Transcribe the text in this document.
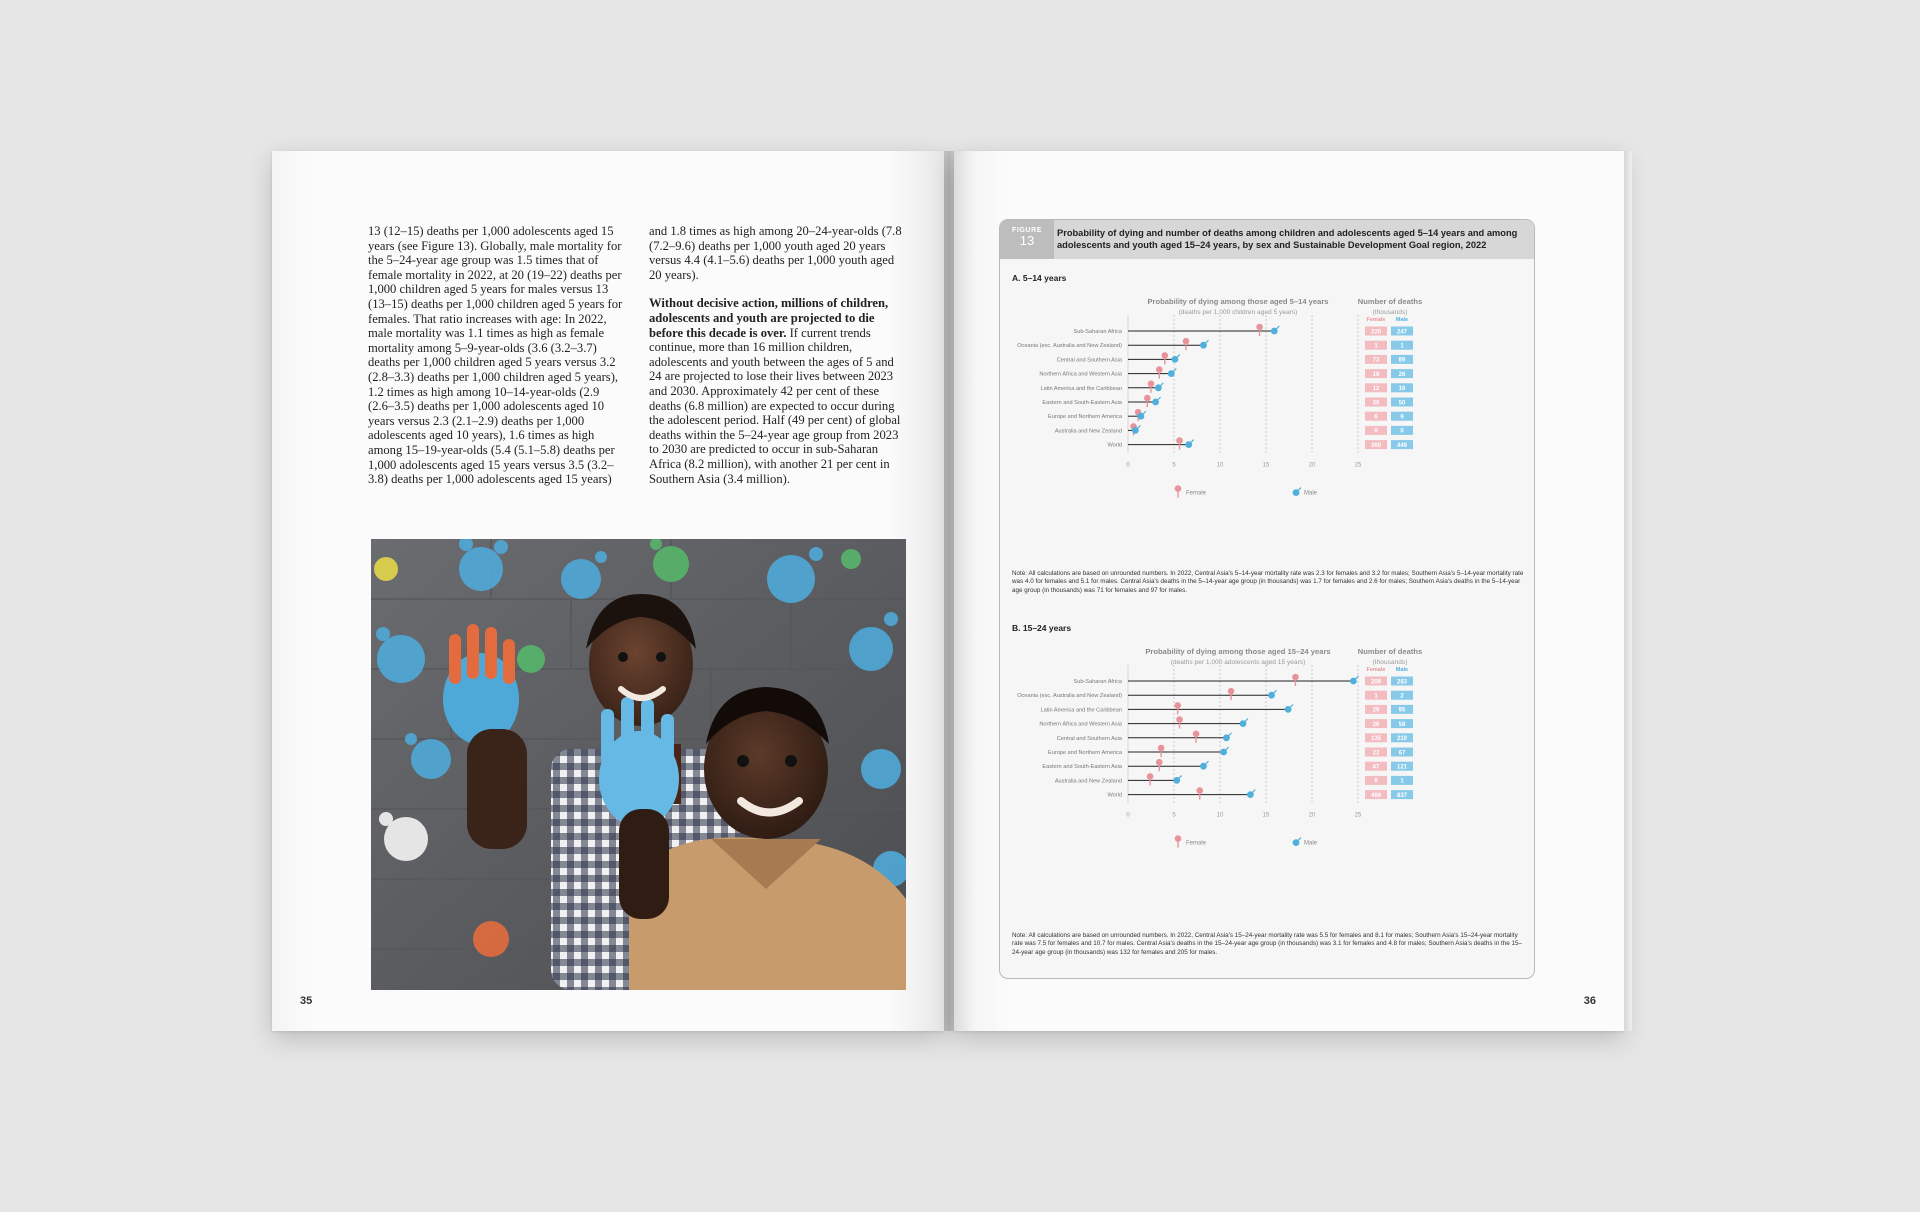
13 (12–15) deaths per 1,000 adolescents aged 15 years (see Figure 13). Globally, male mortality for the 5–24-year age group was 1.5 times that of female mortality in 2022, at 20 (19–22) deaths per 1,000 children aged 5 years for males versus 13 (13–15) deaths per 1,000 children aged 5 years for females. That ratio increases with age: In 2022, male mortality was 1.1 times as high as female mortality among 5–9-year-olds (3.6 (3.2–3.7) deaths per 1,000 children aged 5 years versus 3.2 (2.8–3.3) deaths per 1,000 children aged 5 years), 1.2 times as high among 10–14-year-olds (2.9 (2.6–3.5) deaths per 1,000 adolescents aged 10 years versus 2.3 (2.1–2.9) deaths per 1,000 adolescents aged 10 years), 1.6 times as high among 15–19-year-olds (5.4 (5.1–5.8) deaths per 1,000 adolescents aged 15 years versus 3.5 (3.2–3.8) deaths per 1,000 adolescents aged 15 years)

and 1.8 times as high among 20–24-year-olds (7.8 (7.2–9.6) deaths per 1,000 youth aged 20 years versus 4.4 (4.1–5.6) deaths per 1,000 youth aged 20 years).

Without decisive action, millions of children, adolescents and youth are projected to die before this decade is over. If current trends continue, more than 16 million children, adolescents and youth between the ages of 5 and 24 are projected to lose their lives between 2023 and 2030. Approximately 42 per cent of these deaths (6.8 million) are expected to occur during the adolescent period. Half (49 per cent) of global deaths within the 5–24-year age group from 2023 to 2030 are predicted to occur in sub-Saharan Africa (8.2 million), with another 21 per cent in Southern Asia (3.4 million).

35
FIGURE
13	Probability of dying and number of deaths among children and adolescents aged 5–14 years and among adolescents and youth aged 15–24 years, by sex and Sustainable Development Goal region, 2022
A. 5–14 years
Probability of dying among those aged 5–14 years
(deaths per 1,000 children aged 5 years)
Number of deaths
(thousands)
Female Male
0	5	10	15	20	25
Sub-Saharan Africa	220	247
Oceania (exc. Australia and New Zealand)	1	1
Central and Southern Asia	73	89
Northern Africa and Western Asia	18	26
Latin America and the Caribbean	12	16
Eastern and South-Eastern Asia	30	50
Europe and Northern America	6	9
Australia and New Zealand	0	0
World	360	449
Female	Male
Note: All calculations are based on unrounded numbers. In 2022, Central Asia's 5–14-year mortality rate was 2.3 for females and 3.2 for males; Southern Asia's 5–14-year mortality rate was 4.0 for females and 5.1 for males. Central Asia's deaths in the 5–14-year age group (in thousands) was 1.7 for females and 2.6 for males; Southern Asia's deaths in the 5–14-year age group (in thousands) was 71 for females and 97 for males.
B. 15–24 years
Probability of dying among those aged 15–24 years
(deaths per 1,000 adolescents aged 15 years)
Number of deaths
(thousands)
Female Male
0	5	10	15	20	25
Sub-Saharan Africa	209	283
Oceania (exc. Australia and New Zealand)	1	2
Latin America and the Caribbean	29	95
Northern Africa and Western Asia	26	58
Central and Southern Asia	135	210
Europe and Northern America	22	67
Eastern and South-Eastern Asia	47	121
Australia and New Zealand	0	1
World	469	837
Female	Male
Note: All calculations are based on unrounded numbers. In 2022, Central Asia's 15–24-year mortality rate was 5.5 for females and 8.1 for males; Southern Asia's 15–24-year mortality rate was 7.5 for females and 10.7 for males. Central Asia's deaths in the 15–24-year age group (in thousands) was 3.1 for females and 4.8 for males; Southern Asia's deaths in the 15–24-year age group (in thousands) was 132 for females and 205 for males.
36
